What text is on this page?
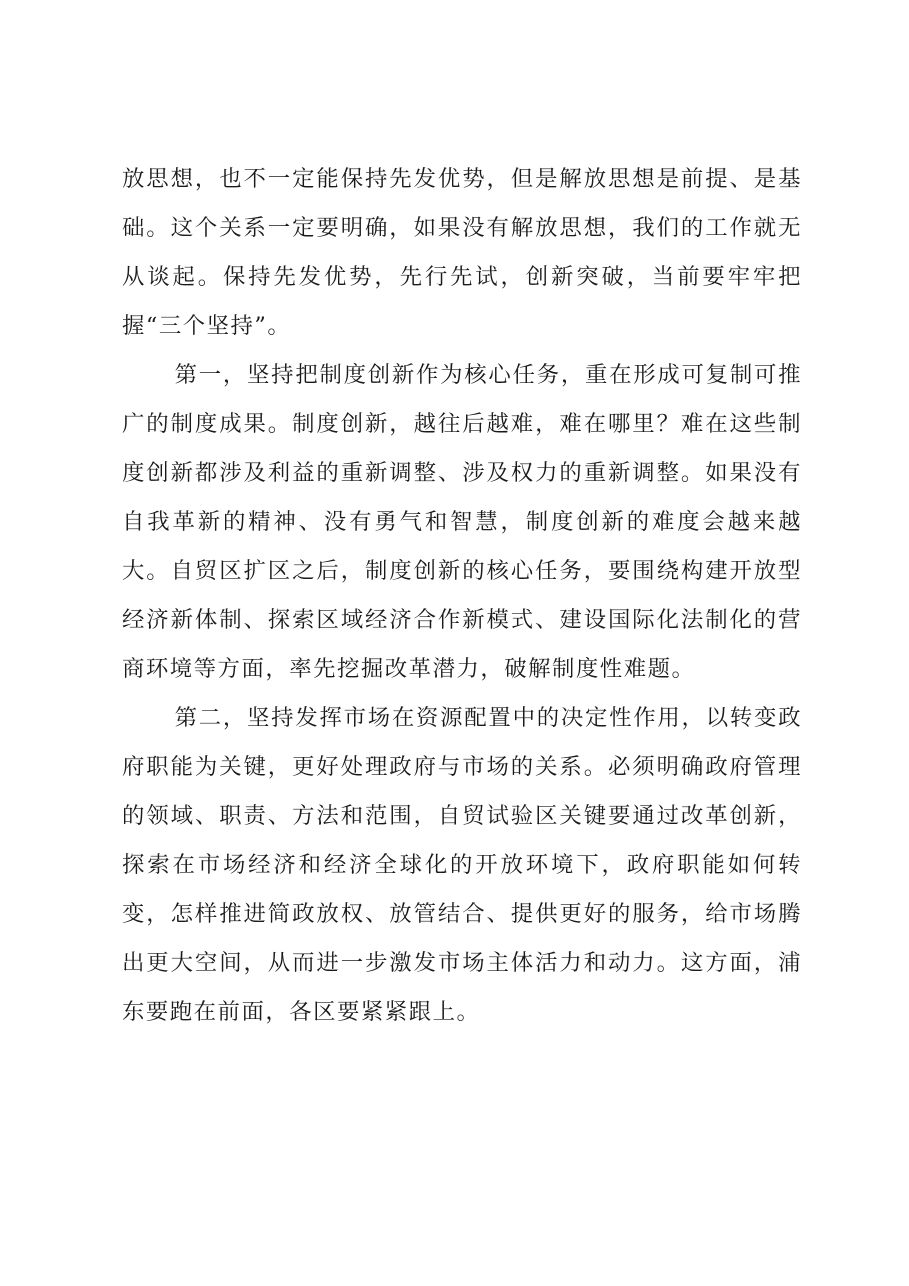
放思想，也不一定能保持先发优势，但是解放思想是前提、是基础。这个关系一定要明确，如果没有解放思想，我们的工作就无从谈起。保持先发优势，先行先试，创新突破，当前要牢牢把握“三个坚持”。

第一，坚持把制度创新作为核心任务，重在形成可复制可推广的制度成果。制度创新，越往后越难，难在哪里？难在这些制度创新都涉及利益的重新调整、涉及权力的重新调整。如果没有自我革新的精神、没有勇气和智慧，制度创新的难度会越来越大。自贸区扩区之后，制度创新的核心任务，要围绕构建开放型经济新体制、探索区域经济合作新模式、建设国际化法制化的营商环境等方面，率先挖掘改革潜力，破解制度性难题。

第二，坚持发挥市场在资源配置中的决定性作用，以转变政府职能为关键，更好处理政府与市场的关系。必须明确政府管理的领域、职责、方法和范围，自贸试验区关键要通过改革创新，探索在市场经济和经济全球化的开放环境下，政府职能如何转变，怎样推进简政放权、放管结合、提供更好的服务，给市场腾出更大空间，从而进一步激发市场主体活力和动力。这方面，浦东要跑在前面，各区要紧紧跟上。
